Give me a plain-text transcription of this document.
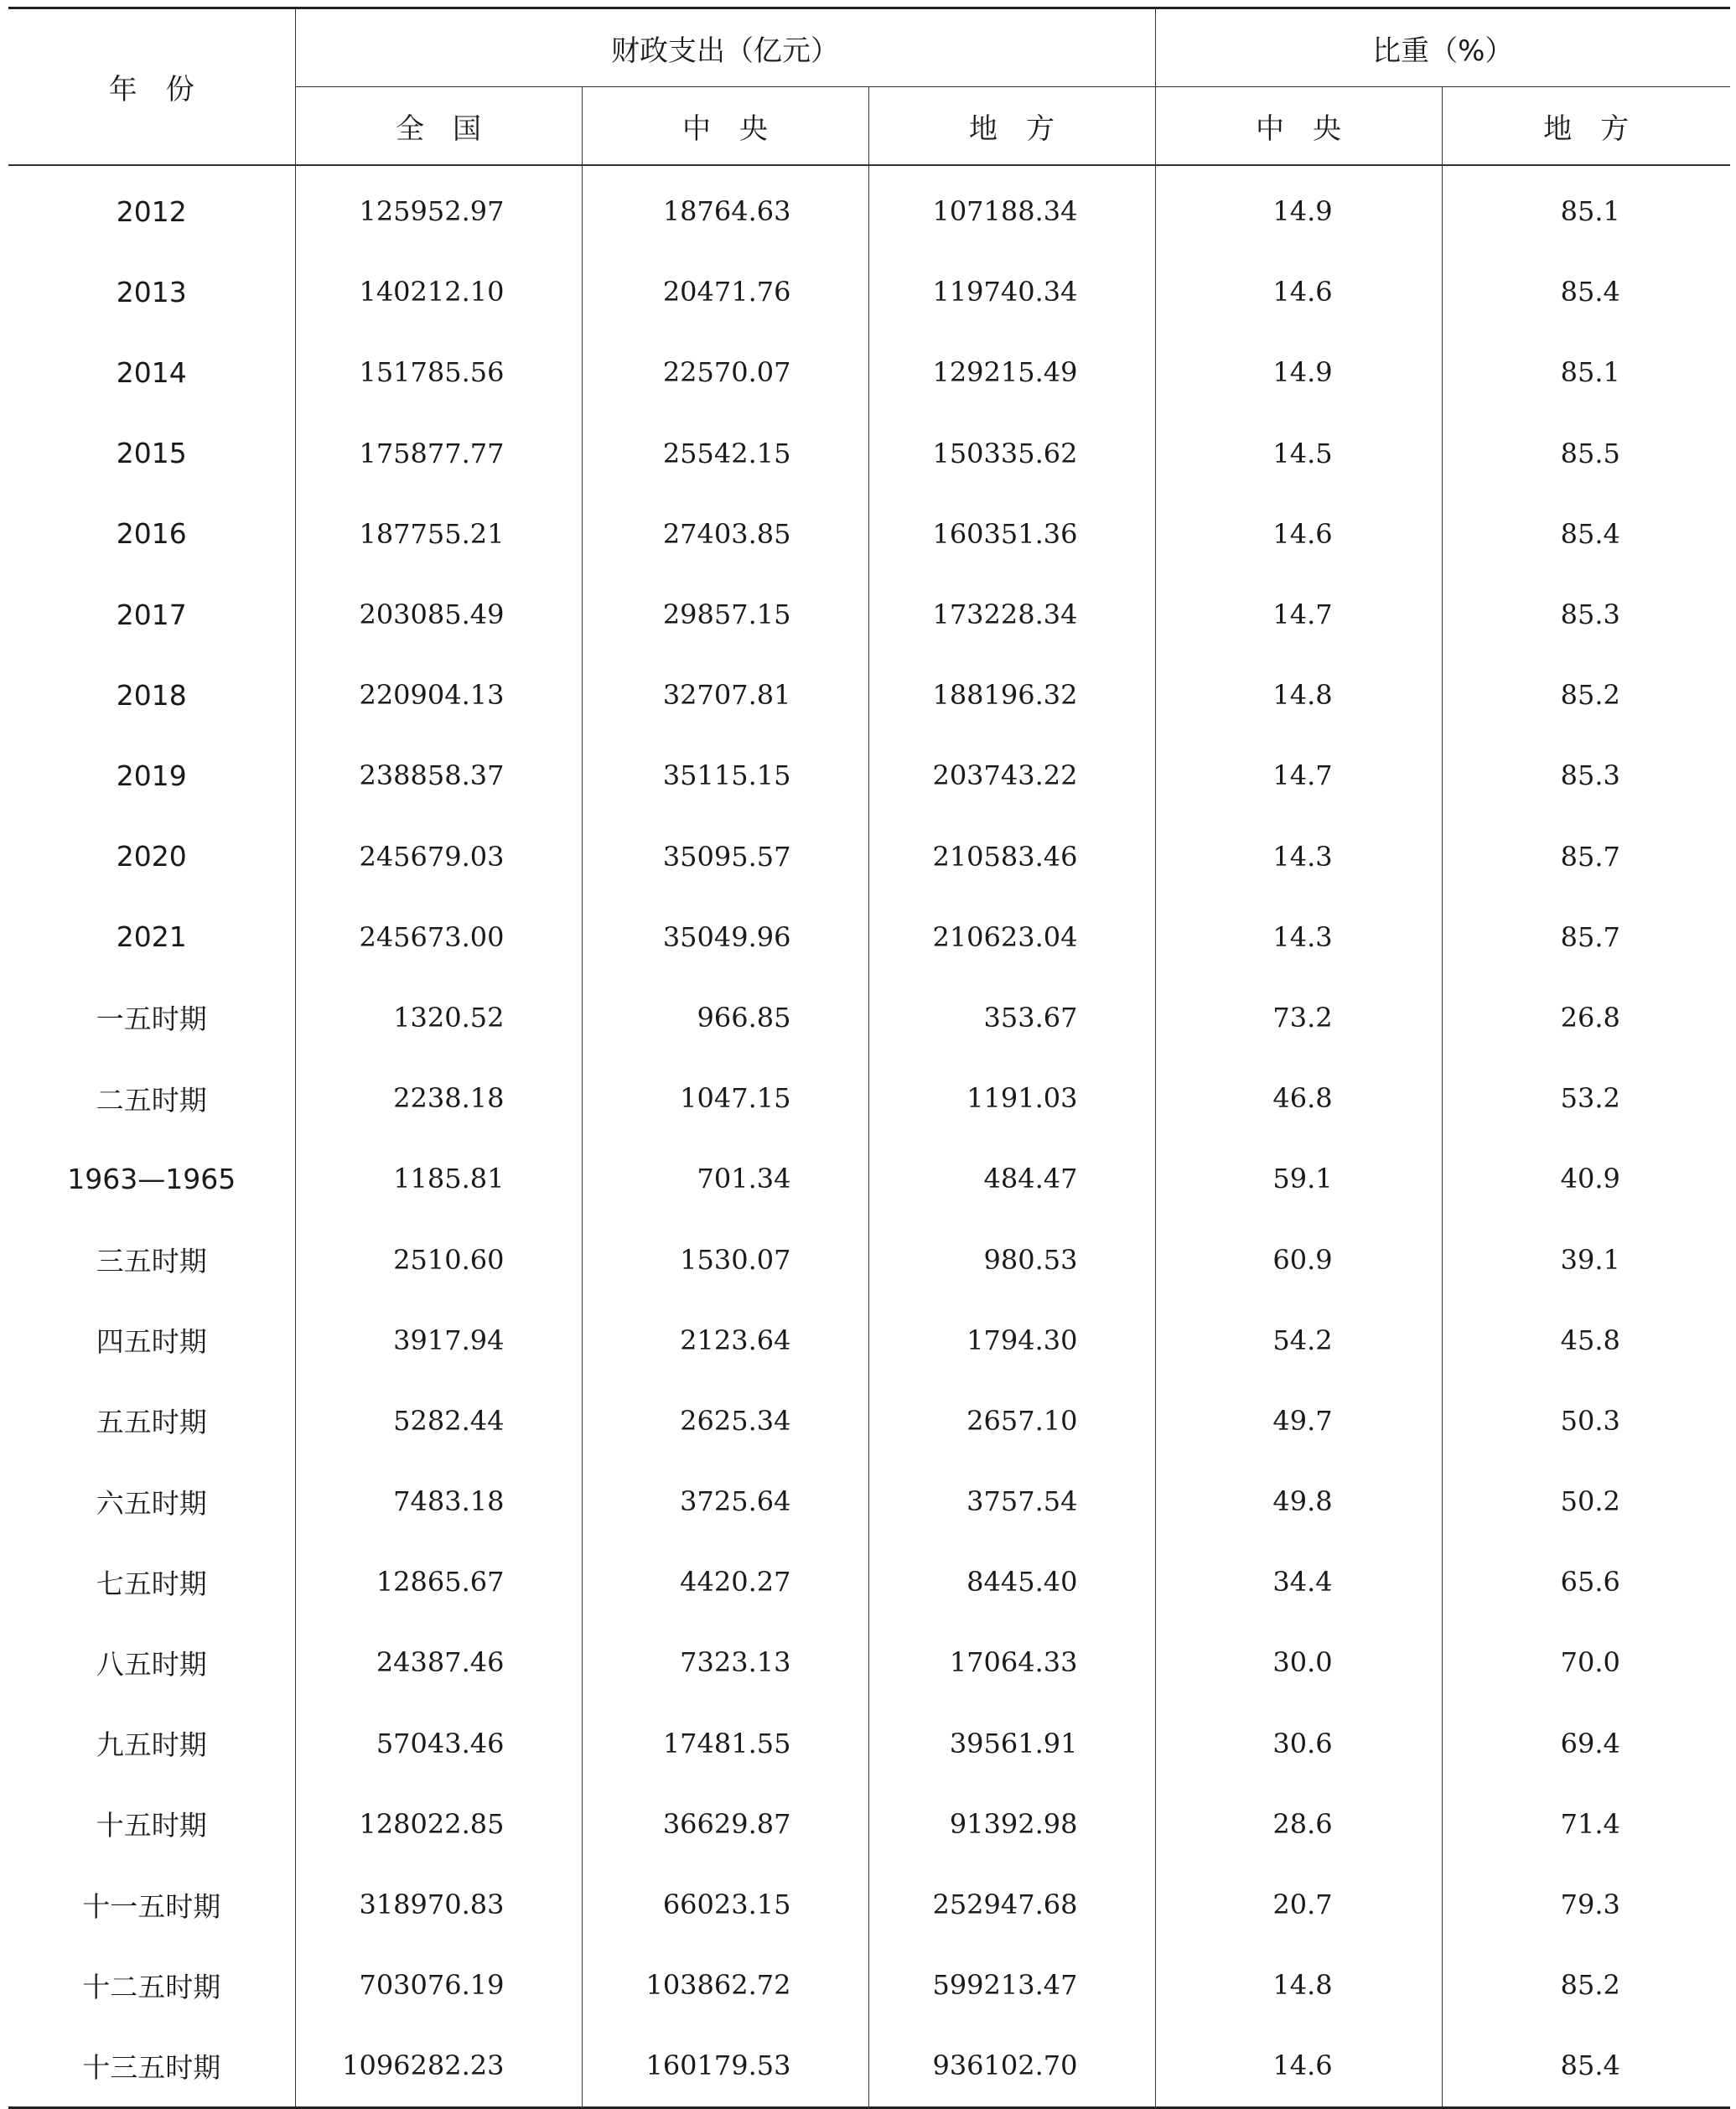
年　份	财政支出（亿元）			比重（%）	
	全　国	中　央	地　方	中　央	地　方
2012	125952.97	18764.63	107188.34	14.9	85.1
2013	140212.10	20471.76	119740.34	14.6	85.4
2014	151785.56	22570.07	129215.49	14.9	85.1
2015	175877.77	25542.15	150335.62	14.5	85.5
2016	187755.21	27403.85	160351.36	14.6	85.4
2017	203085.49	29857.15	173228.34	14.7	85.3
2018	220904.13	32707.81	188196.32	14.8	85.2
2019	238858.37	35115.15	203743.22	14.7	85.3
2020	245679.03	35095.57	210583.46	14.3	85.7
2021	245673.00	35049.96	210623.04	14.3	85.7
一五时期	1320.52	966.85	353.67	73.2	26.8
二五时期	2238.18	1047.15	1191.03	46.8	53.2
1963—1965	1185.81	701.34	484.47	59.1	40.9
三五时期	2510.60	1530.07	980.53	60.9	39.1
四五时期	3917.94	2123.64	1794.30	54.2	45.8
五五时期	5282.44	2625.34	2657.10	49.7	50.3
六五时期	7483.18	3725.64	3757.54	49.8	50.2
七五时期	12865.67	4420.27	8445.40	34.4	65.6
八五时期	24387.46	7323.13	17064.33	30.0	70.0
九五时期	57043.46	17481.55	39561.91	30.6	69.4
十五时期	128022.85	36629.87	91392.98	28.6	71.4
十一五时期	318970.83	66023.15	252947.68	20.7	79.3
十二五时期	703076.19	103862.72	599213.47	14.8	85.2
十三五时期	1096282.23	160179.53	936102.70	14.6	85.4
